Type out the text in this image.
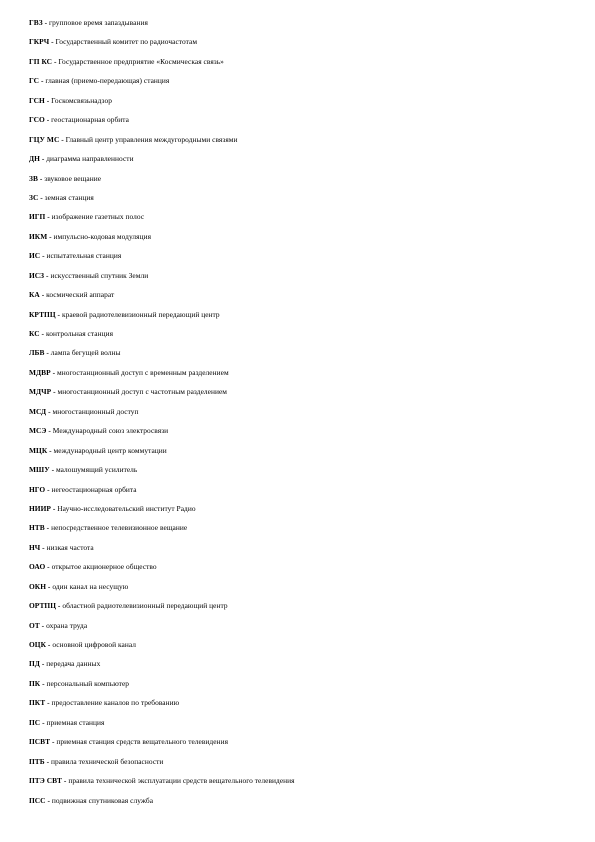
ГВЗ - групповое время запаздывания
ГКРЧ - Государственный комитет по радиочастотам
ГП КС - Государственное предприятие «Космическая связь»
ГС - главная (приемо-передающая) станция
ГСН - Госкомсвязьнадзор
ГСО - геостационарная орбита
ГЦУ МС - Главный центр управления междугородными связями
ДН - диаграмма направленности
ЗВ - звуковое вещание
ЗС - земная станция
ИГП - изображение газетных полос
ИКМ - импульсно-кодовая модуляция
ИС - испытательная станция
ИСЗ - искусственный спутник Земли
КА - космический аппарат
КРТПЦ - краевой радиотелевизионный передающий центр
КС - контрольная станция
ЛБВ - лампа бегущей волны
МДВР - многостанционный доступ с временным разделением
МДЧР - многостанционный доступ с частотным разделением
МСД - многостанционный доступ
МСЭ - Международный союз электросвязи
МЦК - международный центр коммутации
МШУ - малошумящий усилитель
НГО - негеостационарная орбита
НИИР - Научно-исследовательский институт Радио
НТВ - непосредственное телевизионное вещание
НЧ - низкая частота
ОАО - открытое акционерное общество
ОКН - один канал на несущую
ОРТПЦ - областной радиотелевизионный передающий центр
ОТ - охрана труда
ОЦК - основной цифровой канал
ПД - передача данных
ПК - персональный компьютер
ПКТ - предоставление каналов по требованию
ПС - приемная станция
ПСВТ - приемная станция средств вещательного телевидения
ПТБ - правила технической безопасности
ПТЭ СВТ - правила технической эксплуатации средств вещательного телевидения
ПСС - подвижная спутниковая служба
